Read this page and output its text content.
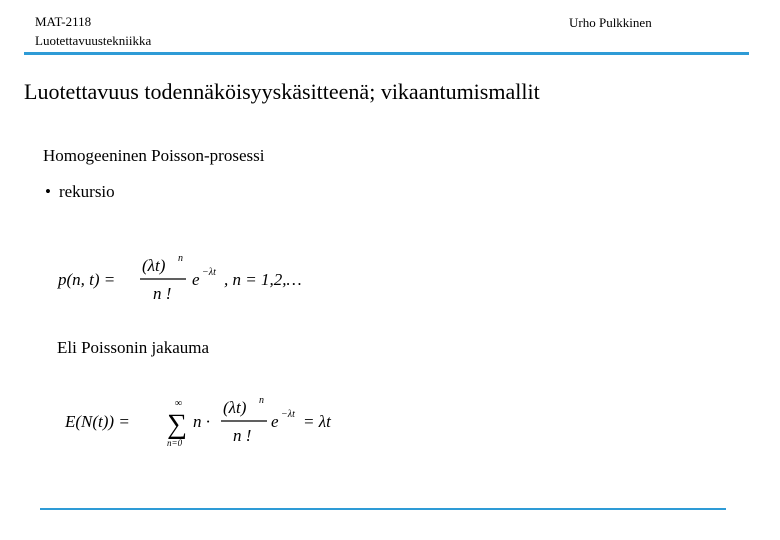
MAT-2118
Luotettavuustekniikka
Urho Pulkkinen
Luotettavuus todennäköisyyskäsitteenä; vikaantumismallit
Homogeeninen Poisson-prosessi
• rekursio
p(n, t) =
(λt) n
n !
e −λt , n = 1,2,…
Eli Poissonin jakauma
E(N(t)) =
∞
∑
n=0
n ·
(λt) n
n !
e −λt = λt
